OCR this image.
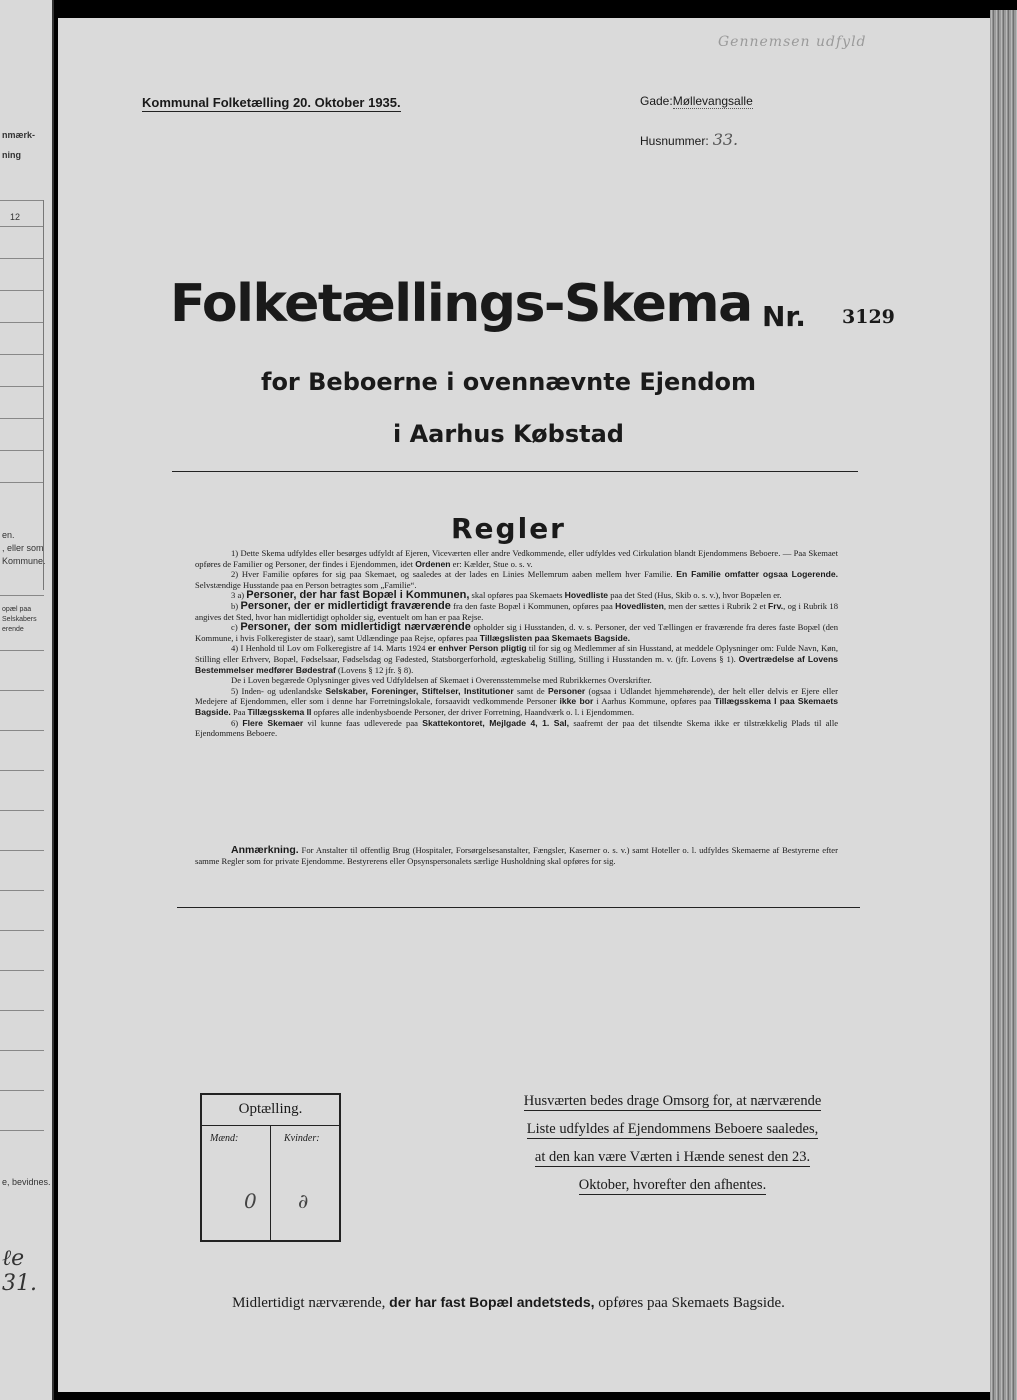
nmærk-
ning
12
en.
, eller som
Kommune.
opæl paa
Selskabers
erende
e, bevidnes.
ℓe 31.
Gennemsen udfyld
Kommunal Folketælling 20. Oktober 1935.	Gade:Møllevangsalle
Husnummer: 33.
Folketællings-Skema Nr. 3129
for Beboerne i ovennævnte Ejendom
i Aarhus Købstad
Regler

1) Dette Skema udfyldes eller besørges udfyldt af Ejeren, Viceværten eller andre Vedkommende, eller udfyldes ved Cirkulation blandt Ejendommens Beboere. — Paa Skemaet opføres de Familier og Personer, der findes i Ejendommen, idet Ordenen er: Kælder, Stue o. s. v.

2) Hver Familie opføres for sig paa Skemaet, og saaledes at der lades en Linies Mellemrum aaben mellem hver Familie. En Familie omfatter ogsaa Logerende. Selvstændige Husstande paa en Person betragtes som „Familie“.

3 a) Personer, der har fast Bopæl i Kommunen, skal opføres paa Skemaets Hovedliste paa det Sted (Hus, Skib o. s. v.), hvor Bopælen er.

b) Personer, der er midlertidigt fraværende fra den faste Bopæl i Kommunen, opføres paa Hovedlisten, men der sættes i Rubrik 2 et Frv., og i Rubrik 18 angives det Sted, hvor han midlertidigt opholder sig, eventuelt om han er paa Rejse.

c) Personer, der som midlertidigt nærværende opholder sig i Husstanden, d. v. s. Personer, der ved Tællingen er fraværende fra deres faste Bopæl (den Kommune, i hvis Folkeregister de staar), samt Udlændinge paa Rejse, opføres paa Tillægslisten paa Skemaets Bagside.

4) I Henhold til Lov om Folkeregistre af 14. Marts 1924 er enhver Person pligtig til for sig og Medlemmer af sin Husstand, at meddele Oplysninger om: Fulde Navn, Køn, Stilling eller Erhverv, Bopæl, Fødselsaar, Fødselsdag og Fødested, Statsborgerforhold, ægteskabelig Stilling, Stilling i Husstanden m. v. (jfr. Lovens § 1). Overtrædelse af Lovens Bestemmelser medfører Bødestraf (Lovens § 12 jfr. § 8).

De i Loven begærede Oplysninger gives ved Udfyldelsen af Skemaet i Overensstemmelse med Rubrikkernes Overskrifter.

5) Inden- og udenlandske Selskaber, Foreninger, Stiftelser, Institutioner samt de Personer (ogsaa i Udlandet hjemmehørende), der helt eller delvis er Ejere eller Medejere af Ejendommen, eller som i denne har Forretningslokale, forsaavidt vedkommende Personer ikke bor i Aarhus Kommune, opføres paa Tillægsskema I paa Skemaets Bagside. Paa Tillægsskema II opføres alle indenbysboende Personer, der driver Forretning, Haandværk o. l. i Ejendommen.

6) Flere Skemaer vil kunne faas udleverede paa Skattekontoret, Mejlgade 4, 1. Sal, saafremt der paa det tilsendte Skema ikke er tilstrækkelig Plads til alle Ejendommens Beboere.

Anmærkning. For Anstalter til offentlig Brug (Hospitaler, Forsørgelsesanstalter, Fængsler, Kaserner o. s. v.) samt Hoteller o. l. udfyldes Skemaerne af Bestyrerne efter samme Regler som for private Ejendomme. Bestyrerens eller Opsynspersonalets særlige Husholdning skal opføres for sig.

Optælling.
Mænd:	Kvinder:
0 ∂
Husværten bedes drage Omsorg for, at nærværende
Liste udfyldes af Ejendommens Beboere saaledes,
at den kan være Værten i Hænde senest den 23.
Oktober, hvorefter den afhentes.
Midlertidigt nærværende, der har fast Bopæl andetsteds, opføres paa Skemaets Bagside.
